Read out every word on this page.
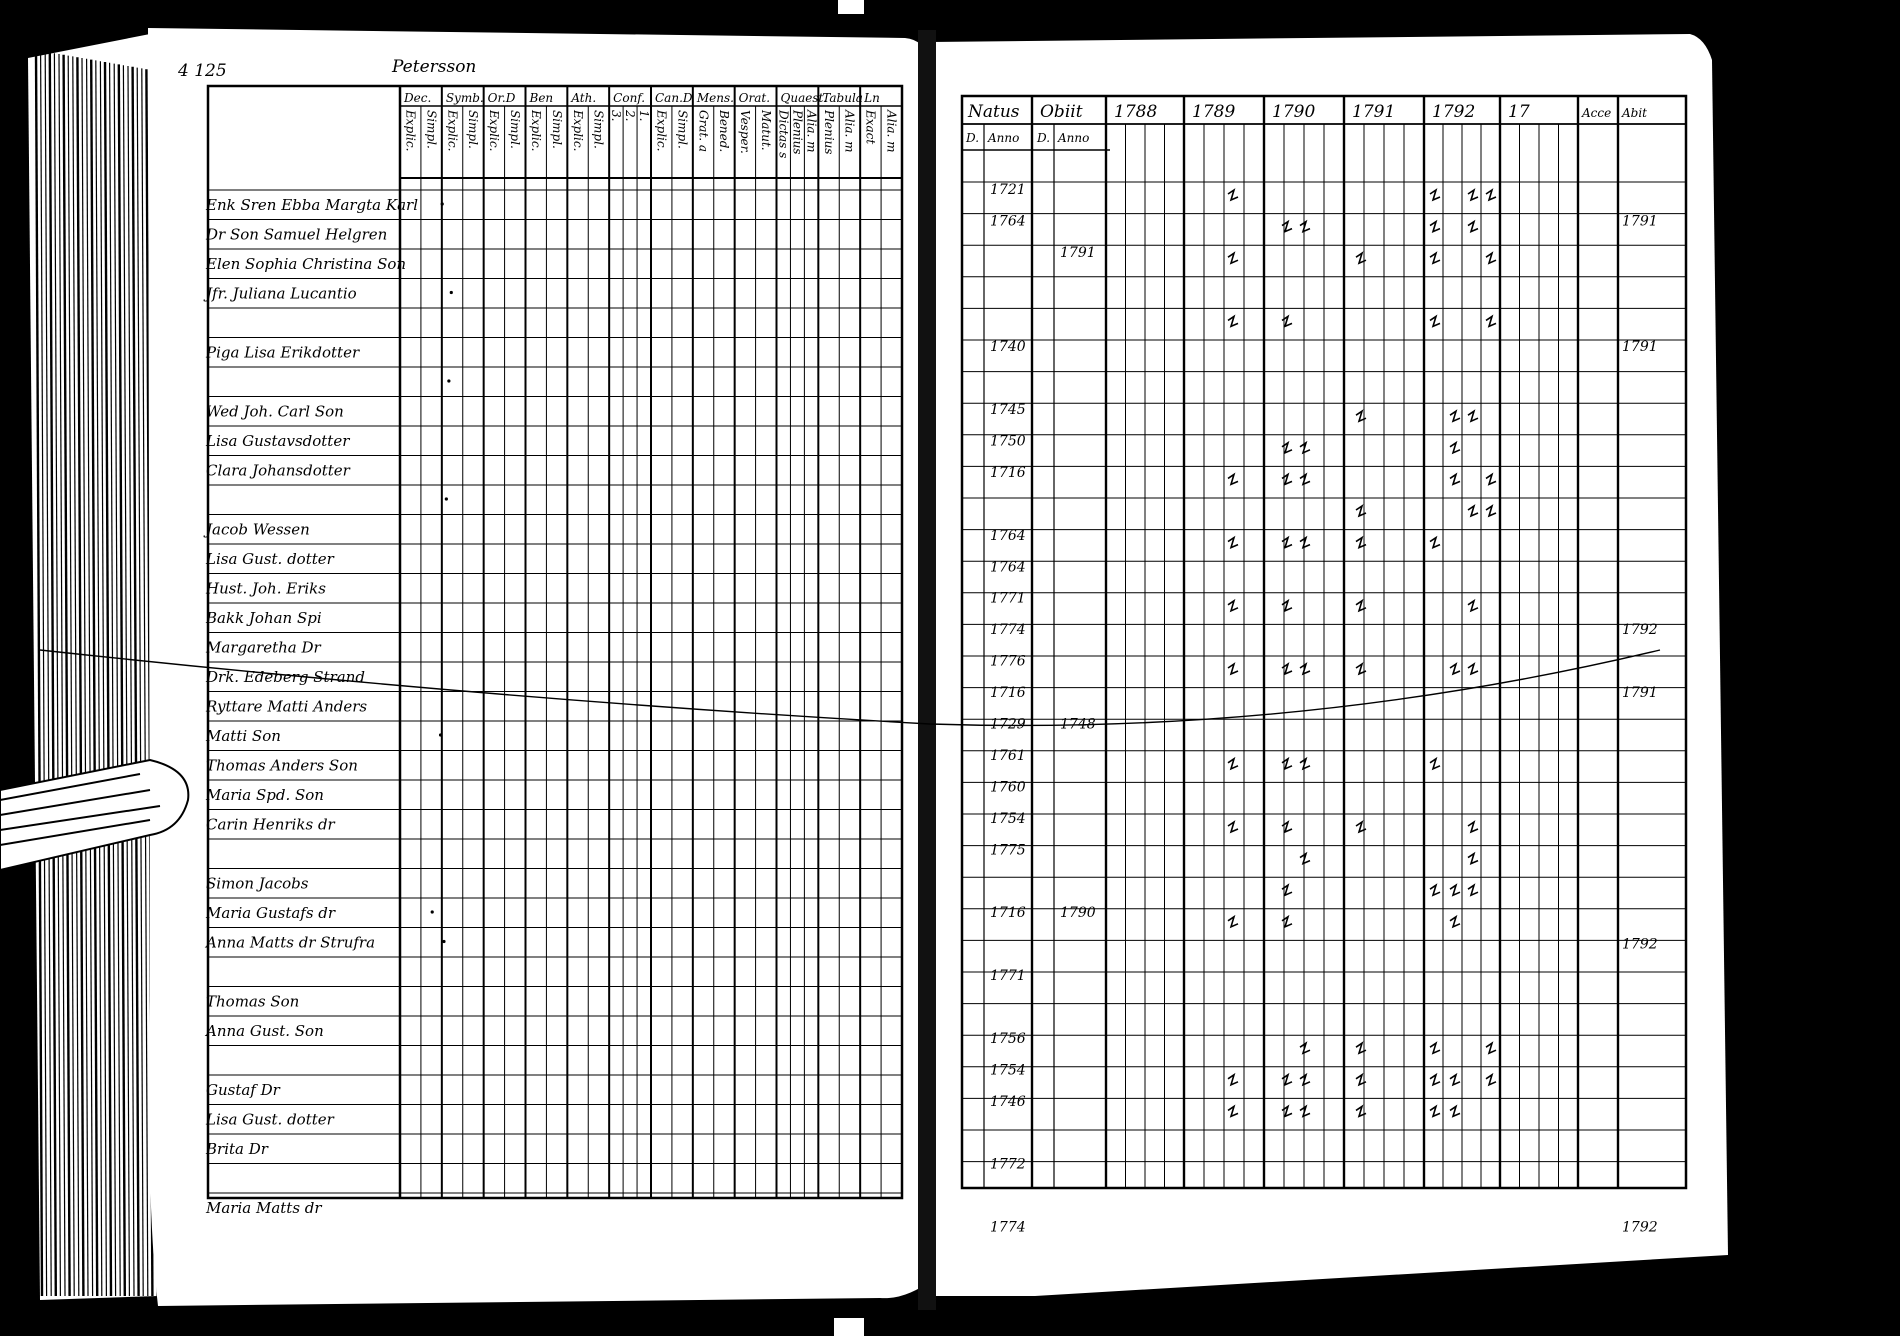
4 125	Petersson
Dec.
Explic. Simpl.
Symb.
Explic. Simpl.
Or.D
Explic. Simpl.
Ben
Explic. Simpl.
Ath.
Explic. Simpl.
Conf.
3. 2. 1.
Can.D
Explic. Simpl.
Mens.
Grat. a Bened.
Orat.
Vesper. Matut.
Quaest.
Dictas s Plenius Alia. m
Tabula
Plenius Alia. m
Ln
Exact Alia. m
Enk Sren Ebba Margta Karl
Dr Son Samuel Helgren
Elen Sophia Christina Son
Jfr. Juliana Lucantio
Piga Lisa Erikdotter
Wed Joh. Carl Son
Lisa Gustavsdotter
Clara Johansdotter
Jacob Wessen
Lisa Gust. dotter
Hust. Joh. Eriks
Bakk Johan Spi
Margaretha Dr
Drk. Edeberg Strand
Ryttare Matti Anders
Matti Son
Thomas Anders Son
Maria Spd. Son
Carin Henriks dr
Simon Jacobs
Maria Gustafs dr
Anna Matts dr Strufra
Thomas Son
Anna Gust. Son
Gustaf Dr
Lisa Gust. dotter
Brita Dr
Maria Matts dr
Natus Obiit
D. Anno D. Anno
Acce Abit
1788 1789 1790 1791 1792 17
1721
1764
1740
1745
1750
1716
1764
1764
1771
1774
1776
1716
1729
1761
1760
1754
1775
1716
1771
1756
1754
1746
1772
1774
1791
1748
1790
1791
1791
1792
1791
1792
1792
